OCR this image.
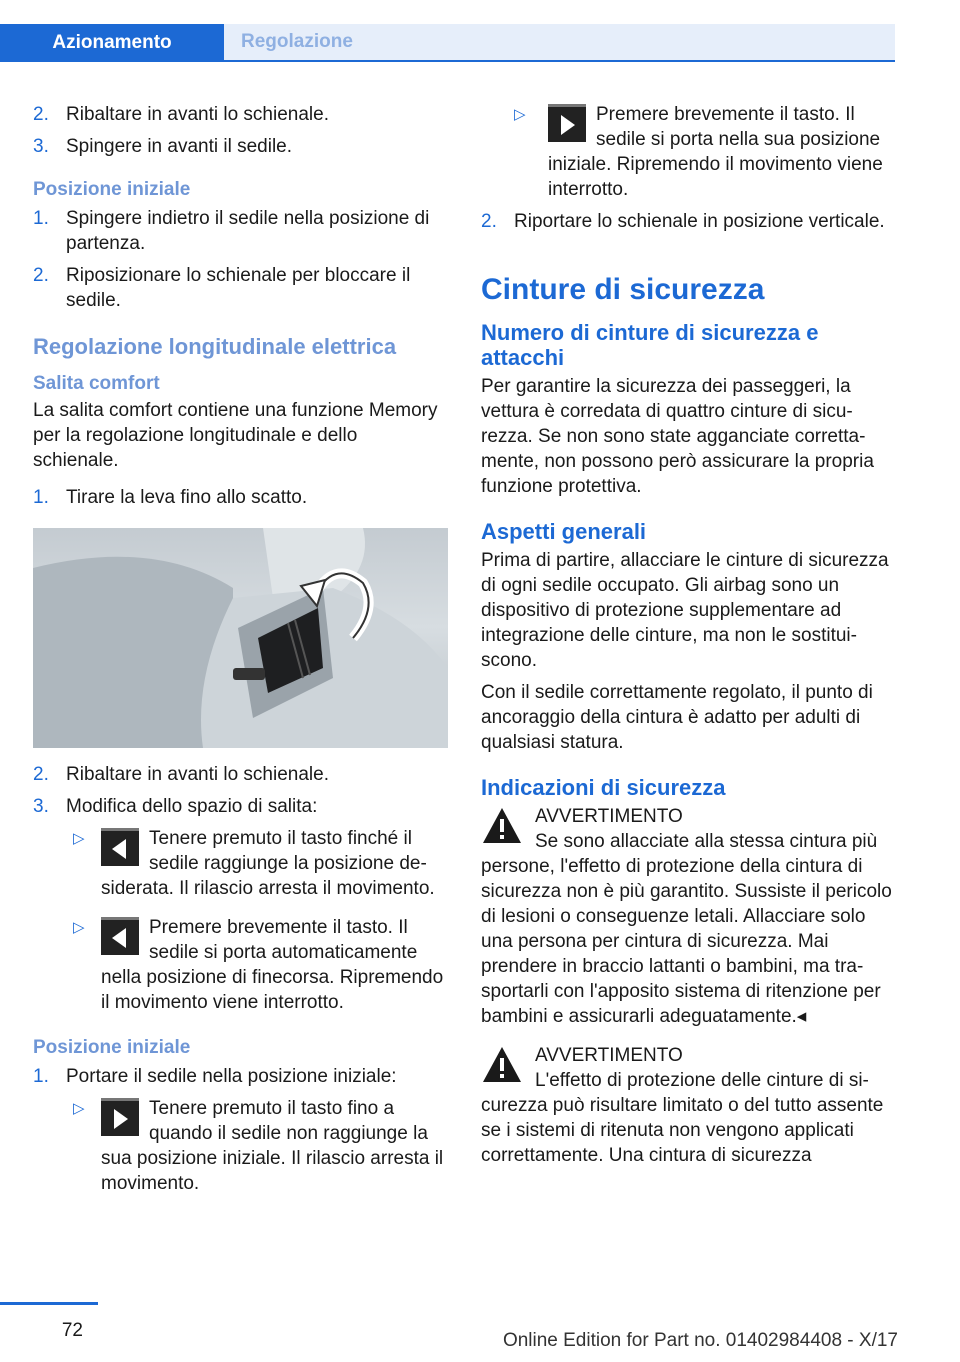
Azionamento	Regolazione
2. Ribaltare in avanti lo schienale.
3. Spingere in avanti il sedile.
Posizione iniziale
1. Spingere indietro il sedile nella posizione di partenza.
2. Riposizionare lo schienale per bloccare il sedile.
Regolazione longitudinale elettrica
Salita comfort

La salita comfort contiene una funzione Memory per la regolazione longitudinale e dello schienale.

1. Tirare la leva fino allo scatto.
2. Ribaltare in avanti lo schienale.
3. Modifica dello spazio di salita:
▷	Tenere premuto il tasto finché il sedile raggiunge la posizione desiderata. Il rilascio arresta il movimento.
▷	Premere brevemente il tasto. Il sedile si porta automaticamente nella posizione di finecorsa. Ripremendo il movimento viene interrotto.
Posizione iniziale
1. Portare il sedile nella posizione iniziale:
▷	Tenere premuto il tasto fino a quando il sedile non raggiunge la sua posizione iniziale. Il rilascio arresta il movimento.
▷	Premere brevemente il tasto. Il sedile si porta nella sua posizione iniziale. Ripremendo il movimento viene interrotto.
2. Riportare lo schienale in posizione verticale.
Cinture di sicurezza
Numero di cinture di sicurezza e attacchi

Per garantire la sicurezza dei passeggeri, la vettura è corredata di quattro cinture di sicurezza. Se non sono state agganciate correttamente, non possono però assicurare la propria funzione protettiva.

Aspetti generali

Prima di partire, allacciare le cinture di sicurezza di ogni sedile occupato. Gli airbag sono un dispositivo di protezione supplementare ad integrazione delle cinture, ma non le sostituiscono.

Con il sedile correttamente regolato, il punto di ancoraggio della cintura è adatto per adulti di qualsiasi statura.

Indicazioni di sicurezza
AVVERTIMENTO
Se sono allacciate alla stessa cintura più persone, l'effetto di protezione della cintura di sicurezza non è più garantito. Sussiste il pericolo di lesioni o conseguenze letali. Allacciare solo una persona per cintura di sicurezza. Mai prendere in braccio lattanti o bambini, ma trasportarli con l'apposito sistema di ritenzione per bambini e assicurarli adeguatamente.◂
AVVERTIMENTO
L'effetto di protezione delle cinture di sicurezza può risultare limitato o del tutto assente se i sistemi di ritenuta non vengono applicati correttamente. Una cintura di sicurezza
72	Online Edition for Part no. 01402984408 - X/17
